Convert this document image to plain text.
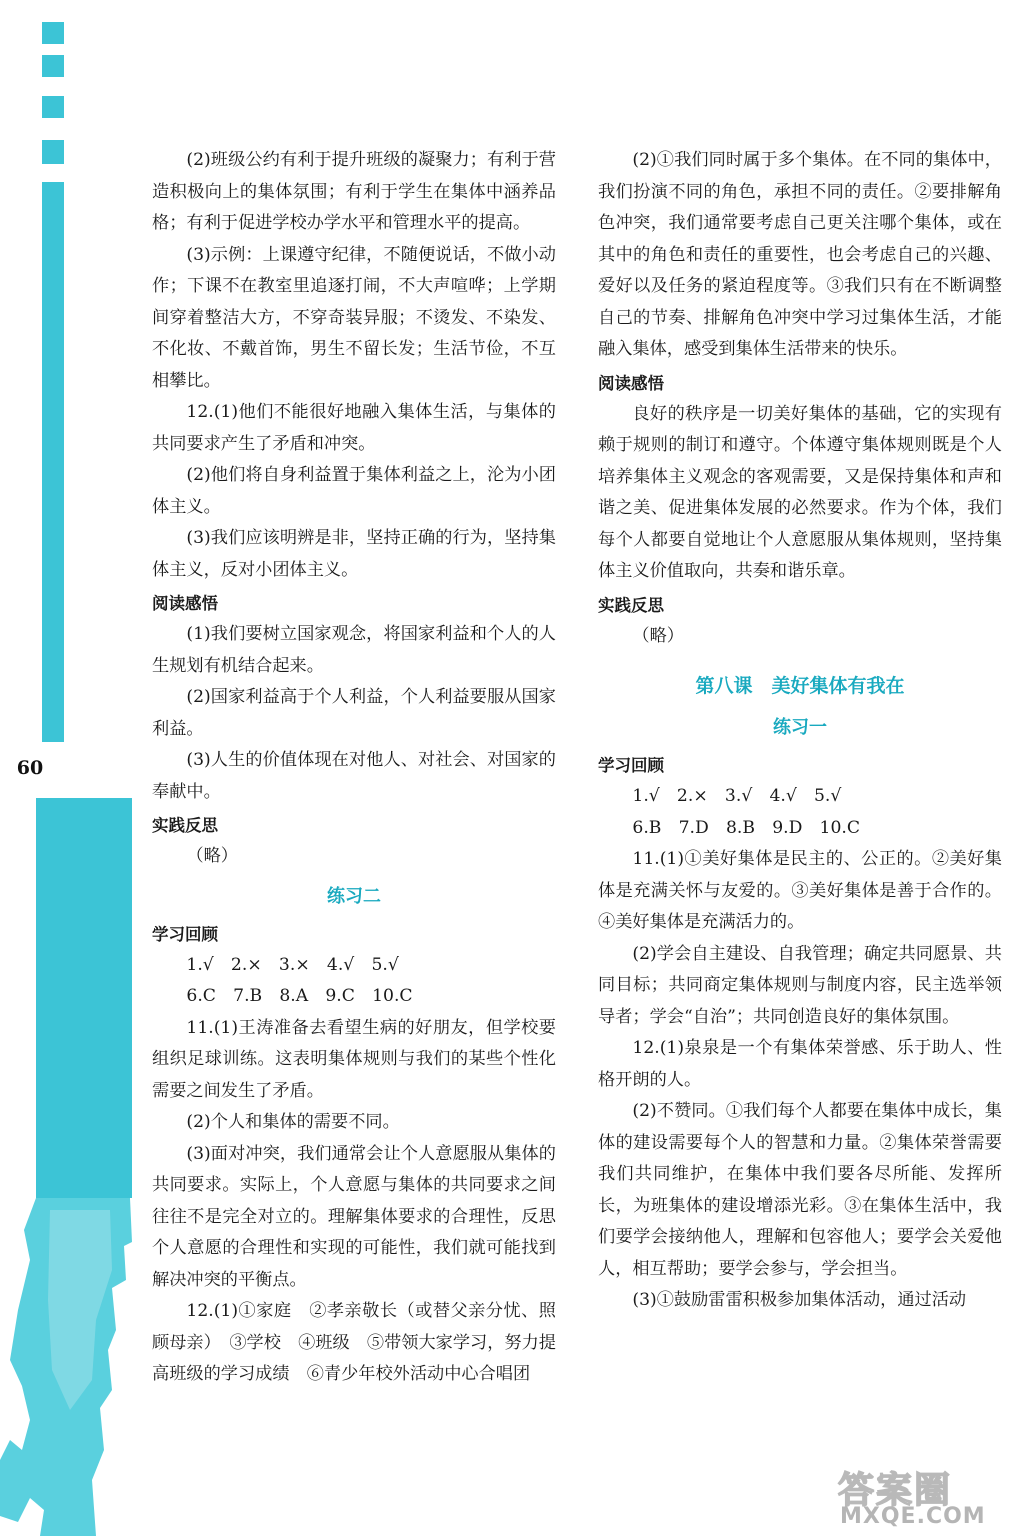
60

(2)班级公约有利于提升班级的凝聚力；有利于营造积极向上的集体氛围；有利于学生在集体中涵养品格；有利于促进学校办学水平和管理水平的提高。

(3)示例：上课遵守纪律，不随便说话，不做小动作；下课不在教室里追逐打闹，不大声喧哗；上学期间穿着整洁大方，不穿奇装异服；不烫发、不染发、不化妆、不戴首饰，男生不留长发；生活节俭，不互相攀比。

12.(1)他们不能很好地融入集体生活，与集体的共同要求产生了矛盾和冲突。

(2)他们将自身利益置于集体利益之上，沦为小团体主义。

(3)我们应该明辨是非，坚持正确的行为，坚持集体主义，反对小团体主义。

阅读感悟

(1)我们要树立国家观念，将国家利益和个人的人生规划有机结合起来。

(2)国家利益高于个人利益，个人利益要服从国家利益。

(3)人生的价值体现在对他人、对社会、对国家的奉献中。

实践反思

（略）

练习二
学习回顾

1.√　2.×　3.×　4.√　5.√

6.C　7.B　8.A　9.C　10.C

11.(1)王涛准备去看望生病的好朋友，但学校要组织足球训练。这表明集体规则与我们的某些个性化需要之间发生了矛盾。

(2)个人和集体的需要不同。

(3)面对冲突，我们通常会让个人意愿服从集体的共同要求。实际上，个人意愿与集体的共同要求之间往往不是完全对立的。理解集体要求的合理性，反思个人意愿的合理性和实现的可能性，我们就可能找到解决冲突的平衡点。

12.(1)①家庭　②孝亲敬长（或替父亲分忧、照顾母亲）　③学校　④班级　⑤带领大家学习，努力提高班级的学习成绩　⑥青少年校外活动中心合唱团

(2)①我们同时属于多个集体。在不同的集体中，我们扮演不同的角色，承担不同的责任。②要排解角色冲突，我们通常要考虑自己更关注哪个集体，或在其中的角色和责任的重要性，也会考虑自己的兴趣、爱好以及任务的紧迫程度等。③我们只有在不断调整自己的节奏、排解角色冲突中学习过集体生活，才能融入集体，感受到集体生活带来的快乐。

阅读感悟

良好的秩序是一切美好集体的基础，它的实现有赖于规则的制订和遵守。个体遵守集体规则既是个人培养集体主义观念的客观需要，又是保持集体和声和谐之美、促进集体发展的必然要求。作为个体，我们每个人都要自觉地让个人意愿服从集体规则，坚持集体主义价值取向，共奏和谐乐章。

实践反思

（略）

第八课　美好集体有我在
练习一
学习回顾

1.√　2.×　3.√　4.√　5.√

6.B　7.D　8.B　9.D　10.C

11.(1)①美好集体是民主的、公正的。②美好集体是充满关怀与友爱的。③美好集体是善于合作的。④美好集体是充满活力的。

(2)学会自主建设、自我管理；确定共同愿景、共同目标；共同商定集体规则与制度内容，民主选举领导者；学会“自治”；共同创造良好的集体氛围。

12.(1)泉泉是一个有集体荣誉感、乐于助人、性格开朗的人。

(2)不赞同。①我们每个人都要在集体中成长，集体的建设需要每个人的智慧和力量。②集体荣誉需要我们共同维护，在集体中我们要各尽所能、发挥所长，为班集体的建设增添光彩。③在集体生活中，我们要学会接纳他人，理解和包容他人；要学会关爱他人，相互帮助；要学会参与，学会担当。

(3)①鼓励雷雷积极参加集体活动，通过活动

答案圈
MXQE.COM
